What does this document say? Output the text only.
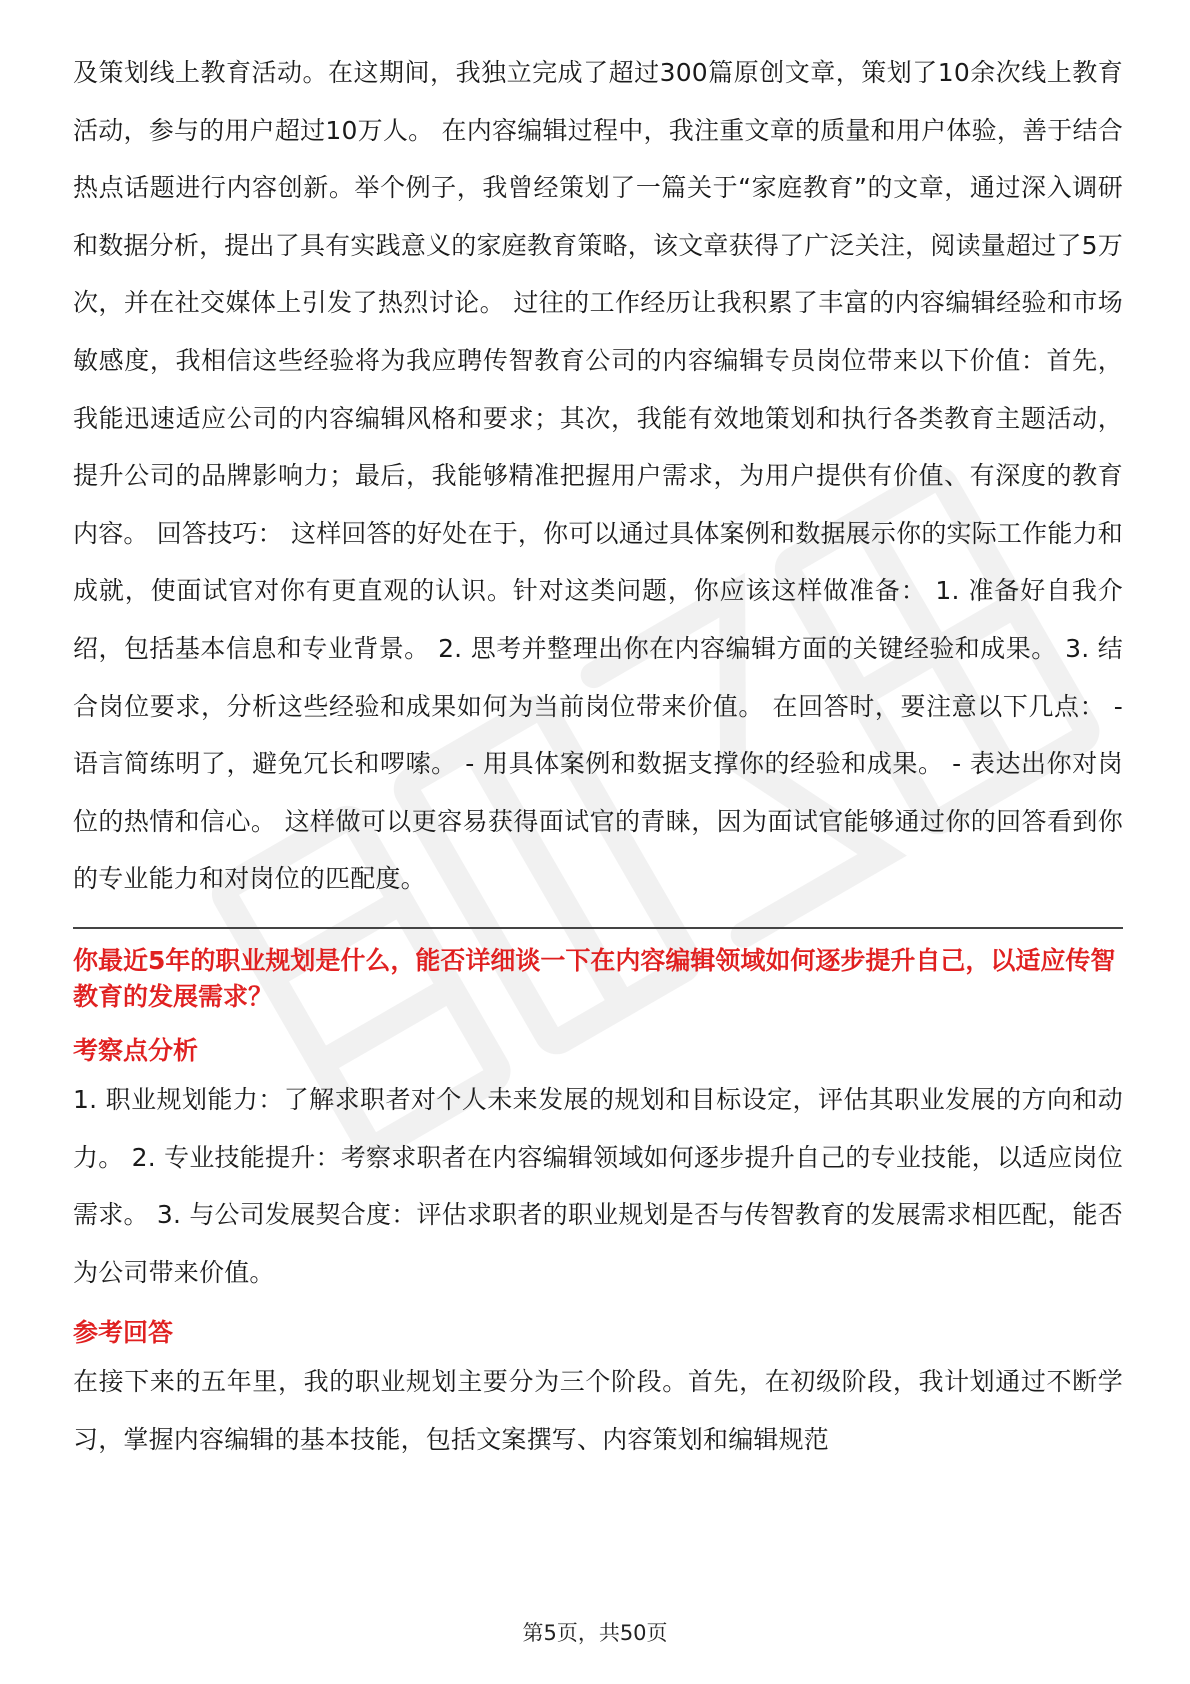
及策划线上教育活动。在这期间，我独立完成了超过300篇原创文章，策划了10余次线上教育活动，参与的用户超过10万人。 在内容编辑过程中，我注重文章的质量和用户体验，善于结合热点话题进行内容创新。举个例子，我曾经策划了一篇关于“家庭教育”的文章，通过深入调研和数据分析，提出了具有实践意义的家庭教育策略，该文章获得了广泛关注，阅读量超过了5万次，并在社交媒体上引发了热烈讨论。 过往的工作经历让我积累了丰富的内容编辑经验和市场敏感度，我相信这些经验将为我应聘传智教育公司的内容编辑专员岗位带来以下价值：首先，我能迅速适应公司的内容编辑风格和要求；其次，我能有效地策划和执行各类教育主题活动，提升公司的品牌影响力；最后，我能够精准把握用户需求，为用户提供有价值、有深度的教育内容。 回答技巧： 这样回答的好处在于，你可以通过具体案例和数据展示你的实际工作能力和成就，使面试官对你有更直观的认识。针对这类问题，你应该这样做准备： 1. 准备好自我介绍，包括基本信息和专业背景。 2. 思考并整理出你在内容编辑方面的关键经验和成果。 3. 结合岗位要求，分析这些经验和成果如何为当前岗位带来价值。 在回答时，要注意以下几点： - 语言简练明了，避免冗长和啰嗦。 - 用具体案例和数据支撑你的经验和成果。 - 表达出你对岗位的热情和信心。 这样做可以更容易获得面试官的青睐，因为面试官能够通过你的回答看到你的专业能力和对岗位的匹配度。

你最近5年的职业规划是什么，能否详细谈一下在内容编辑领域如何逐步提升自己，以适应传智教育的发展需求？
考察点分析

1. 职业规划能力：了解求职者对个人未来发展的规划和目标设定，评估其职业发展的方向和动力。 2. 专业技能提升：考察求职者在内容编辑领域如何逐步提升自己的专业技能，以适应岗位需求。 3. 与公司发展契合度：评估求职者的职业规划是否与传智教育的发展需求相匹配，能否为公司带来价值。

参考回答

在接下来的五年里，我的职业规划主要分为三个阶段。首先，在初级阶段，我计划通过不断学习，掌握内容编辑的基本技能，包括文案撰写、内容策划和编辑规范

第5页，共50页
